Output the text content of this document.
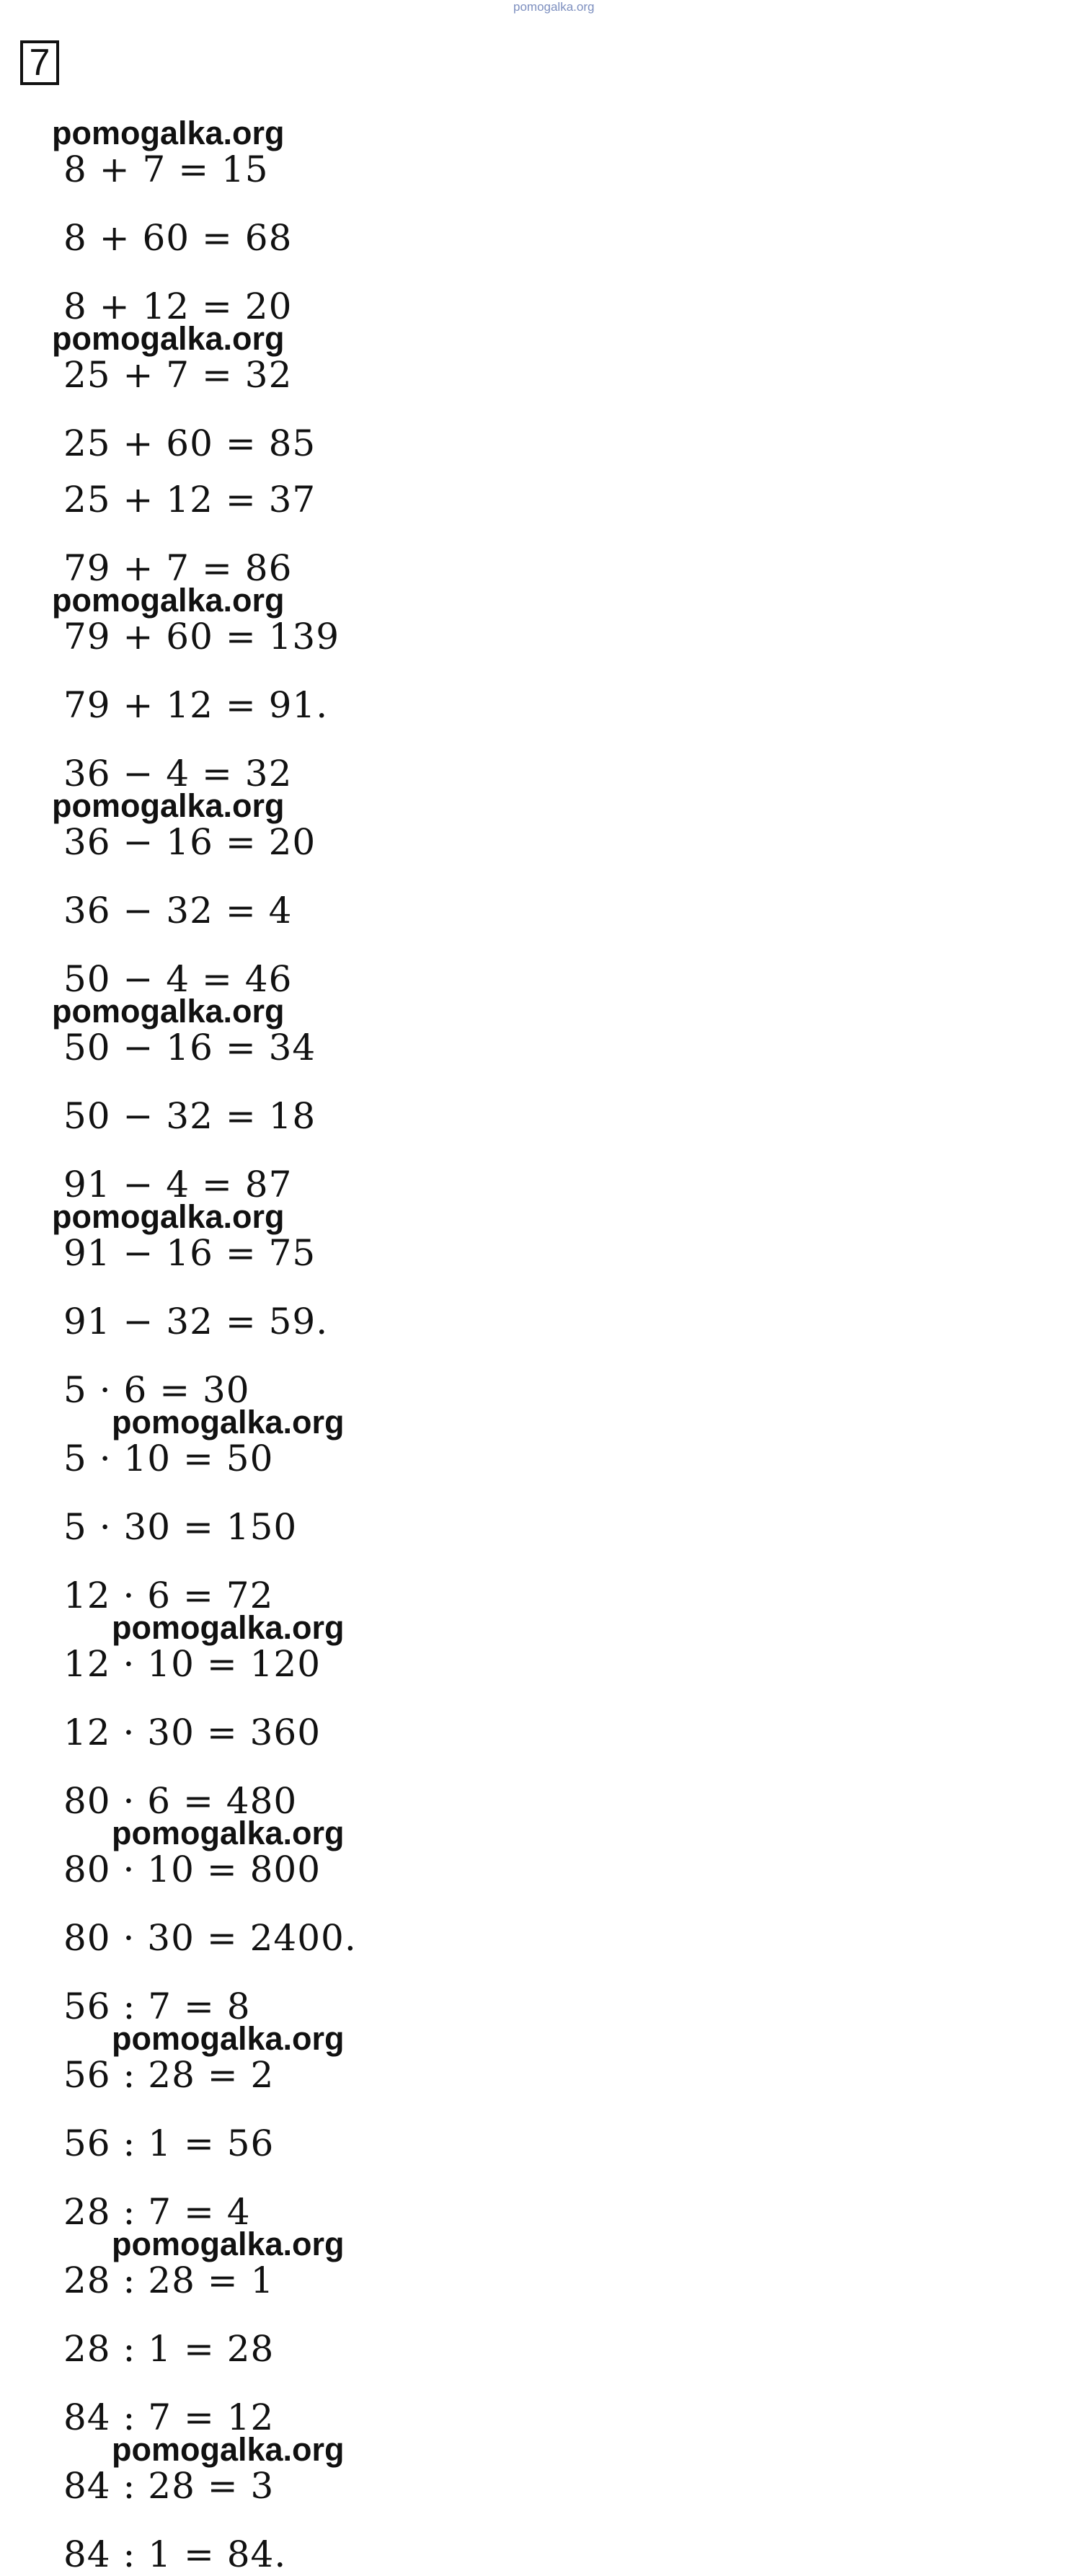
pomogalka.org
7
8 + 7 = 15
8 + 60 = 68
8 + 12 = 20
25 + 7 = 32
25 + 60 = 85
25 + 12 = 37
79 + 7 = 86
79 + 60 = 139
79 + 12 = 91.
36 − 4 = 32
36 − 16 = 20
36 − 32 = 4
50 − 4 = 46
50 − 16 = 34
50 − 32 = 18
91 − 4 = 87
91 − 16 = 75
91 − 32 = 59.
5 · 6 = 30
5 · 10 = 50
5 · 30 = 150
12 · 6 = 72
12 · 10 = 120
12 · 30 = 360
80 · 6 = 480
80 · 10 = 800
80 · 30 = 2400.
56 : 7 = 8
56 : 28 = 2
56 : 1 = 56
28 : 7 = 4
28 : 28 = 1
28 : 1 = 28
84 : 7 = 12
84 : 28 = 3
84 : 1 = 84.
pomogalka.org
pomogalka.org
pomogalka.org
pomogalka.org
pomogalka.org
pomogalka.org
pomogalka.org
pomogalka.org
pomogalka.org
pomogalka.org
pomogalka.org
pomogalka.org
